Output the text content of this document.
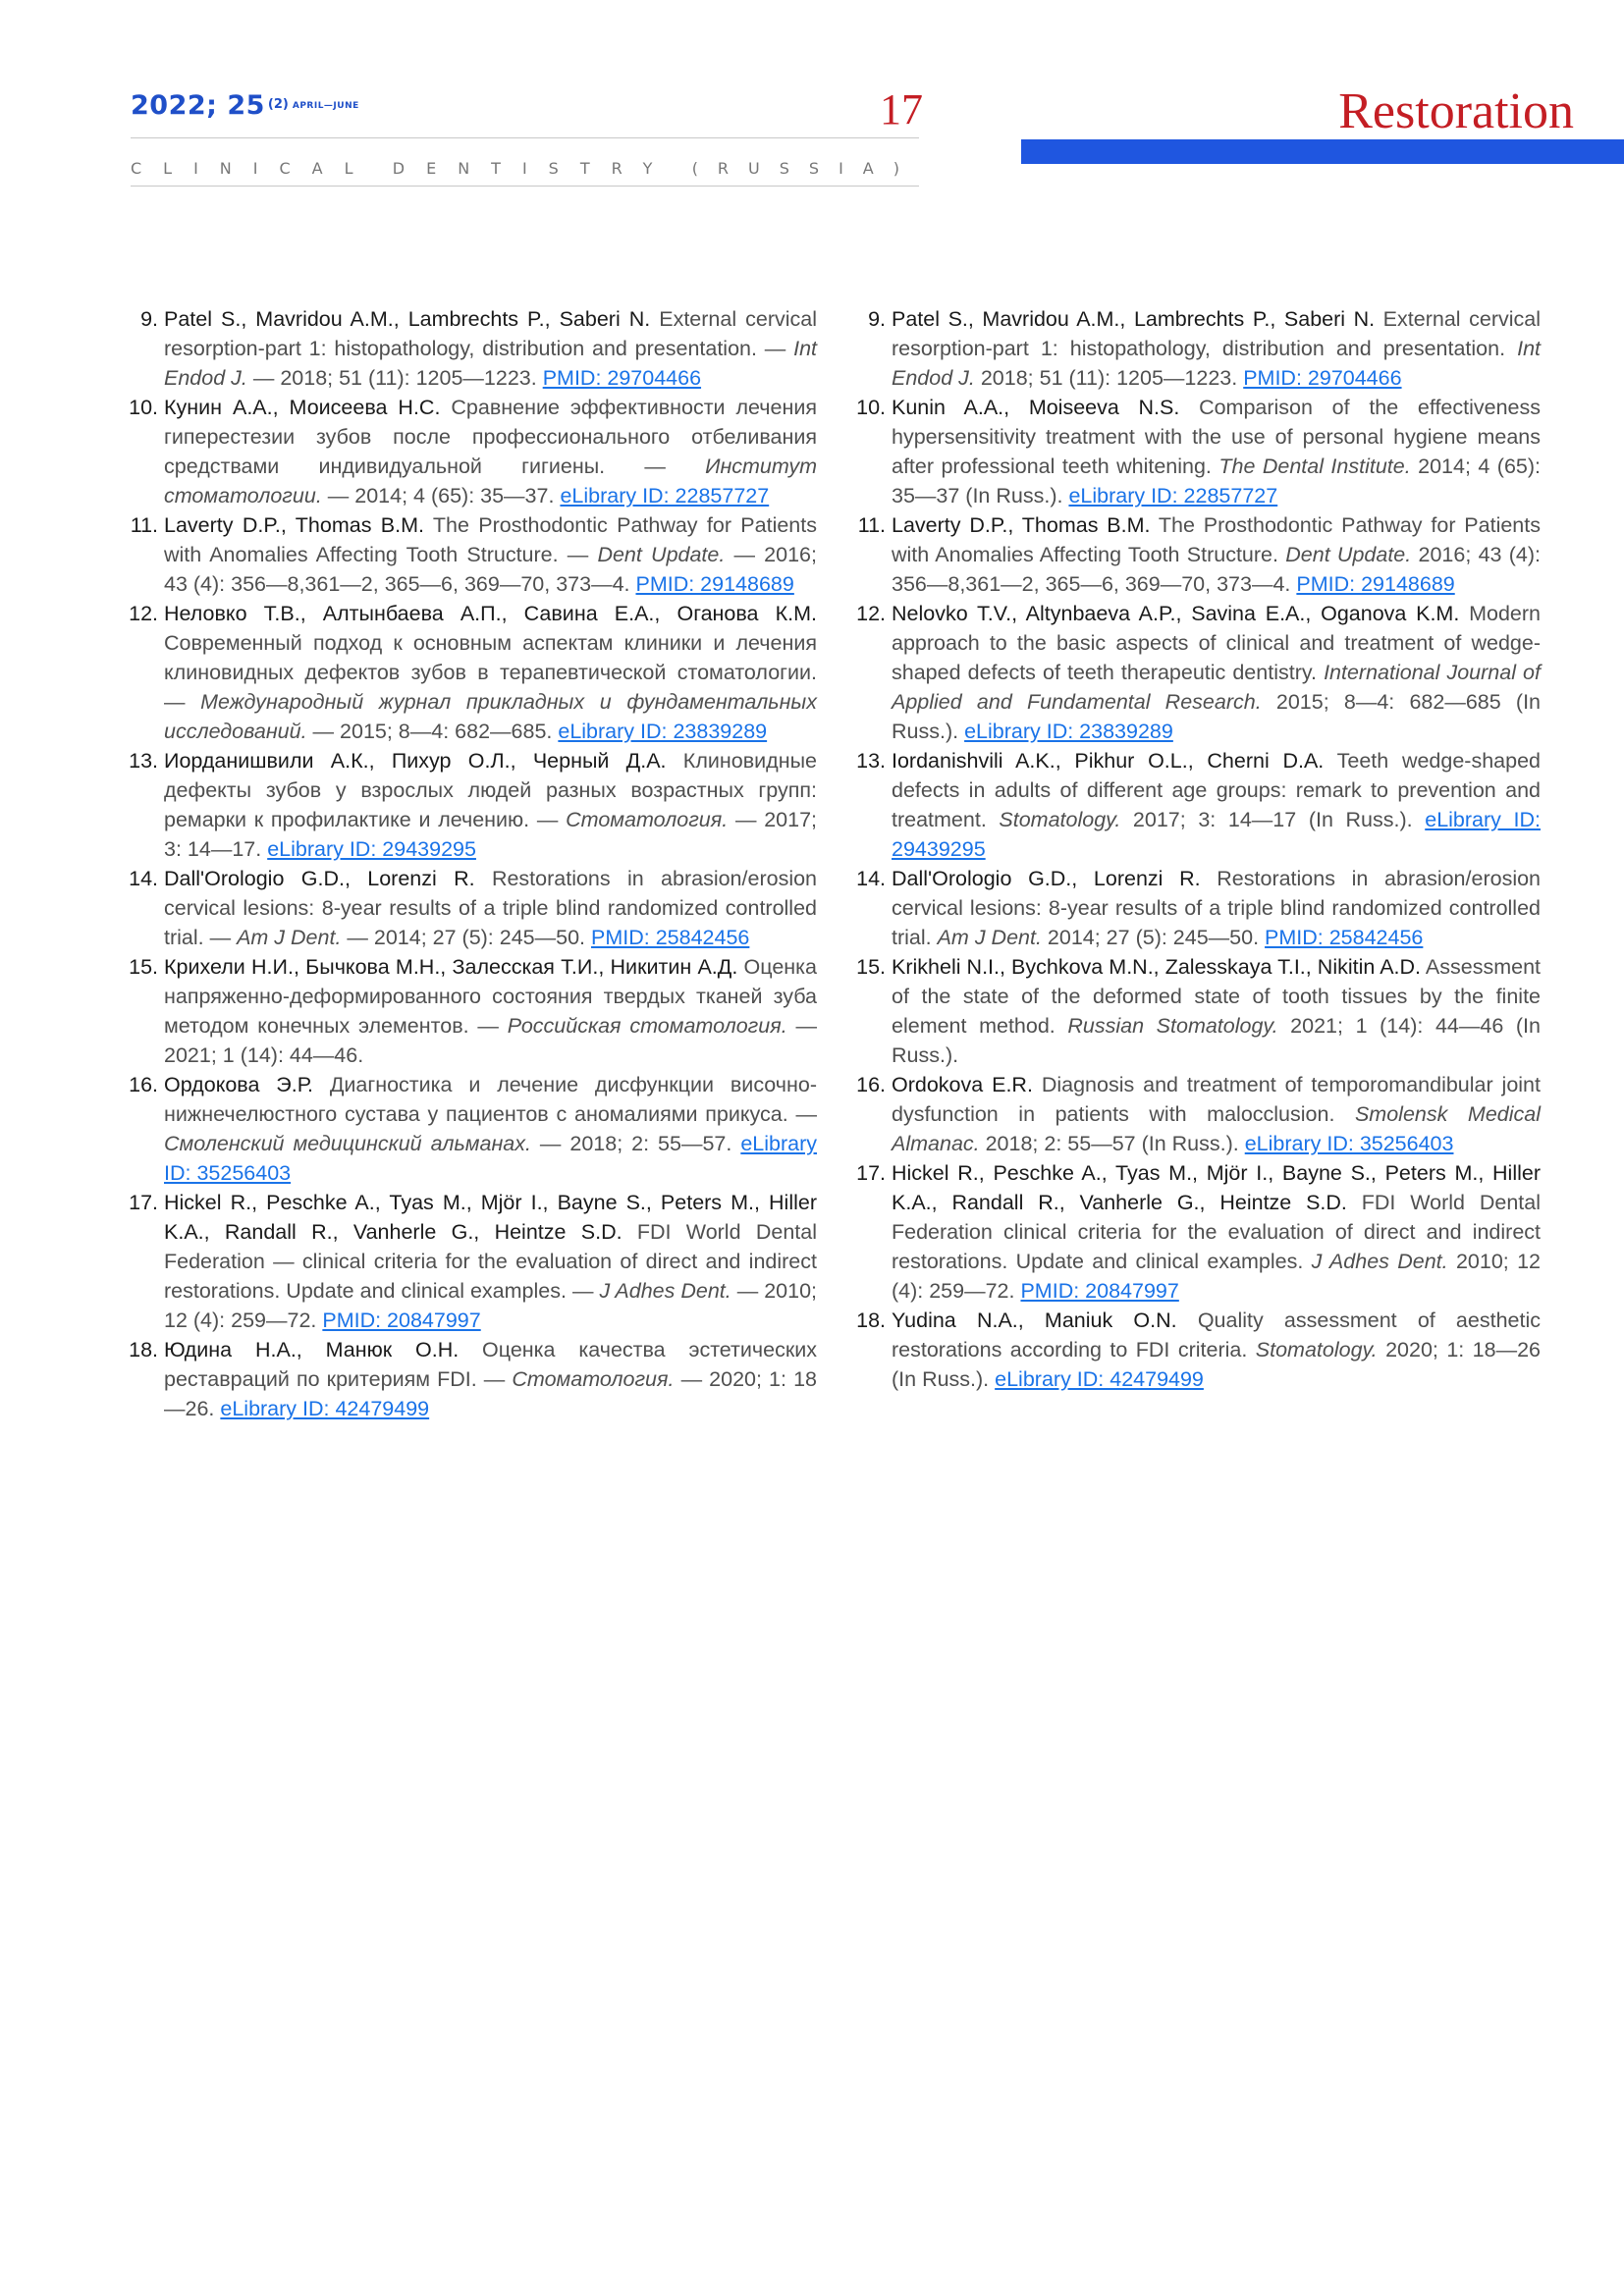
2022; 25 $^{(2)}$ $^{APRIL—JUNE}$	17	Restoration
CLINICAL DENTISTRY (RUSSIA)
9. Patel S., Mavridou A.M., Lambrechts P., Saberi N. External cervical resorption-part 1: histopathology, distribution and presentation. — Int Endod J. — 2018; 51 (11): 1205—1223. PMID: 29704466
10. Кунин А.А., Моисеева Н.С. Сравнение эффективности лечения гиперестезии зубов после профессионального отбеливания средствами индивидуальной гигиены. — Институт стоматологии. — 2014; 4 (65): 35—37. eLibrary ID: 22857727
11. Laverty D.P., Thomas B.M. The Prosthodontic Pathway for Patients with Anomalies Affecting Tooth Structure. — Dent Update. — 2016; 43 (4): 356—8,361—2, 365—6, 369—70, 373—4. PMID: 29148689
12. Неловко Т.В., Алтынбаева А.П., Савина Е.А., Оганова К.М. Современный подход к основным аспектам клиники и лечения клиновидных дефектов зубов в терапевтической стоматологии. — Международный журнал прикладных и фундаментальных исследований. — 2015; 8—4: 682—685. eLibrary ID: 23839289
13. Иорданишвили А.К., Пихур О.Л., Черный Д.А. Клиновидные дефекты зубов у взрослых людей разных возрастных групп: ремарки к профилактике и лечению. — Стоматология. — 2017; 3: 14—17. eLibrary ID: 29439295
14. Dall'Orologio G.D., Lorenzi R. Restorations in abrasion/erosion cervical lesions: 8-year results of a triple blind randomized controlled trial. — Am J Dent. — 2014; 27 (5): 245—50. PMID: 25842456
15. Крихели Н.И., Бычкова М.Н., Залесская Т.И., Никитин А.Д. Оценка напряженно-деформированного состояния твердых тканей зуба методом конечных элементов. — Российская стоматология. — 2021; 1 (14): 44—46.
16. Ордокова Э.Р. Диагностика и лечение дисфункции височно-нижнечелюстного сустава у пациентов с аномалиями прикуса. — Смоленский медицинский альманах. — 2018; 2: 55—57. eLibrary ID: 35256403
17. Hickel R., Peschke A., Tyas M., Mjör I., Bayne S., Peters M., Hiller K.A., Randall R., Vanherle G., Heintze S.D. FDI World Dental Federation — clinical criteria for the evaluation of direct and indirect restorations. Update and clinical examples. — J Adhes Dent. — 2010; 12 (4): 259—72. PMID: 20847997
18. Юдина Н.А., Манюк О.Н. Оценка качества эстетических реставраций по критериям FDI. — Стоматология. — 2020; 1: 18—26. eLibrary ID: 42479499
9. Patel S., Mavridou A.M., Lambrechts P., Saberi N. External cervical resorption-part 1: histopathology, distribution and presentation. Int Endod J. 2018; 51 (11): 1205—1223. PMID: 29704466
10. Kunin A.A., Moiseeva N.S. Comparison of the effectiveness hypersensitivity treatment with the use of personal hygiene means after professional teeth whitening. The Dental Institute. 2014; 4 (65): 35—37 (In Russ.). eLibrary ID: 22857727
11. Laverty D.P., Thomas B.M. The Prosthodontic Pathway for Patients with Anomalies Affecting Tooth Structure. Dent Update. 2016; 43 (4): 356—8,361—2, 365—6, 369—70, 373—4. PMID: 29148689
12. Nelovko T.V., Altynbaeva A.P., Savina E.A., Oganova K.M. Modern approach to the basic aspects of clinical and treatment of wedge-shaped defects of teeth therapeutic dentistry. International Journal of Applied and Fundamental Research. 2015; 8—4: 682—685 (In Russ.). eLibrary ID: 23839289
13. Iordanishvili A.K., Pikhur O.L., Cherni D.A. Teeth wedge-shaped defects in adults of different age groups: remark to prevention and treatment. Stomatology. 2017; 3: 14—17 (In Russ.). eLibrary ID: 29439295
14. Dall'Orologio G.D., Lorenzi R. Restorations in abrasion/erosion cervical lesions: 8-year results of a triple blind randomized controlled trial. Am J Dent. 2014; 27 (5): 245—50. PMID: 25842456
15. Krikheli N.I., Bychkova M.N., Zalesskaya T.I., Nikitin A.D. Assessment of the state of the deformed state of tooth tissues by the finite element method. Russian Stomatology. 2021; 1 (14): 44—46 (In Russ.).
16. Ordokova E.R. Diagnosis and treatment of temporomandibular joint dysfunction in patients with malocclusion. Smolensk Medical Almanac. 2018; 2: 55—57 (In Russ.). eLibrary ID: 35256403
17. Hickel R., Peschke A., Tyas M., Mjör I., Bayne S., Peters M., Hiller K.A., Randall R., Vanherle G., Heintze S.D. FDI World Dental Federation clinical criteria for the evaluation of direct and indirect restorations. Update and clinical examples. J Adhes Dent. 2010; 12 (4): 259—72. PMID: 20847997
18. Yudina N.A., Maniuk O.N. Quality assessment of aesthetic restorations according to FDI criteria. Stomatology. 2020; 1: 18—26 (In Russ.). eLibrary ID: 42479499
